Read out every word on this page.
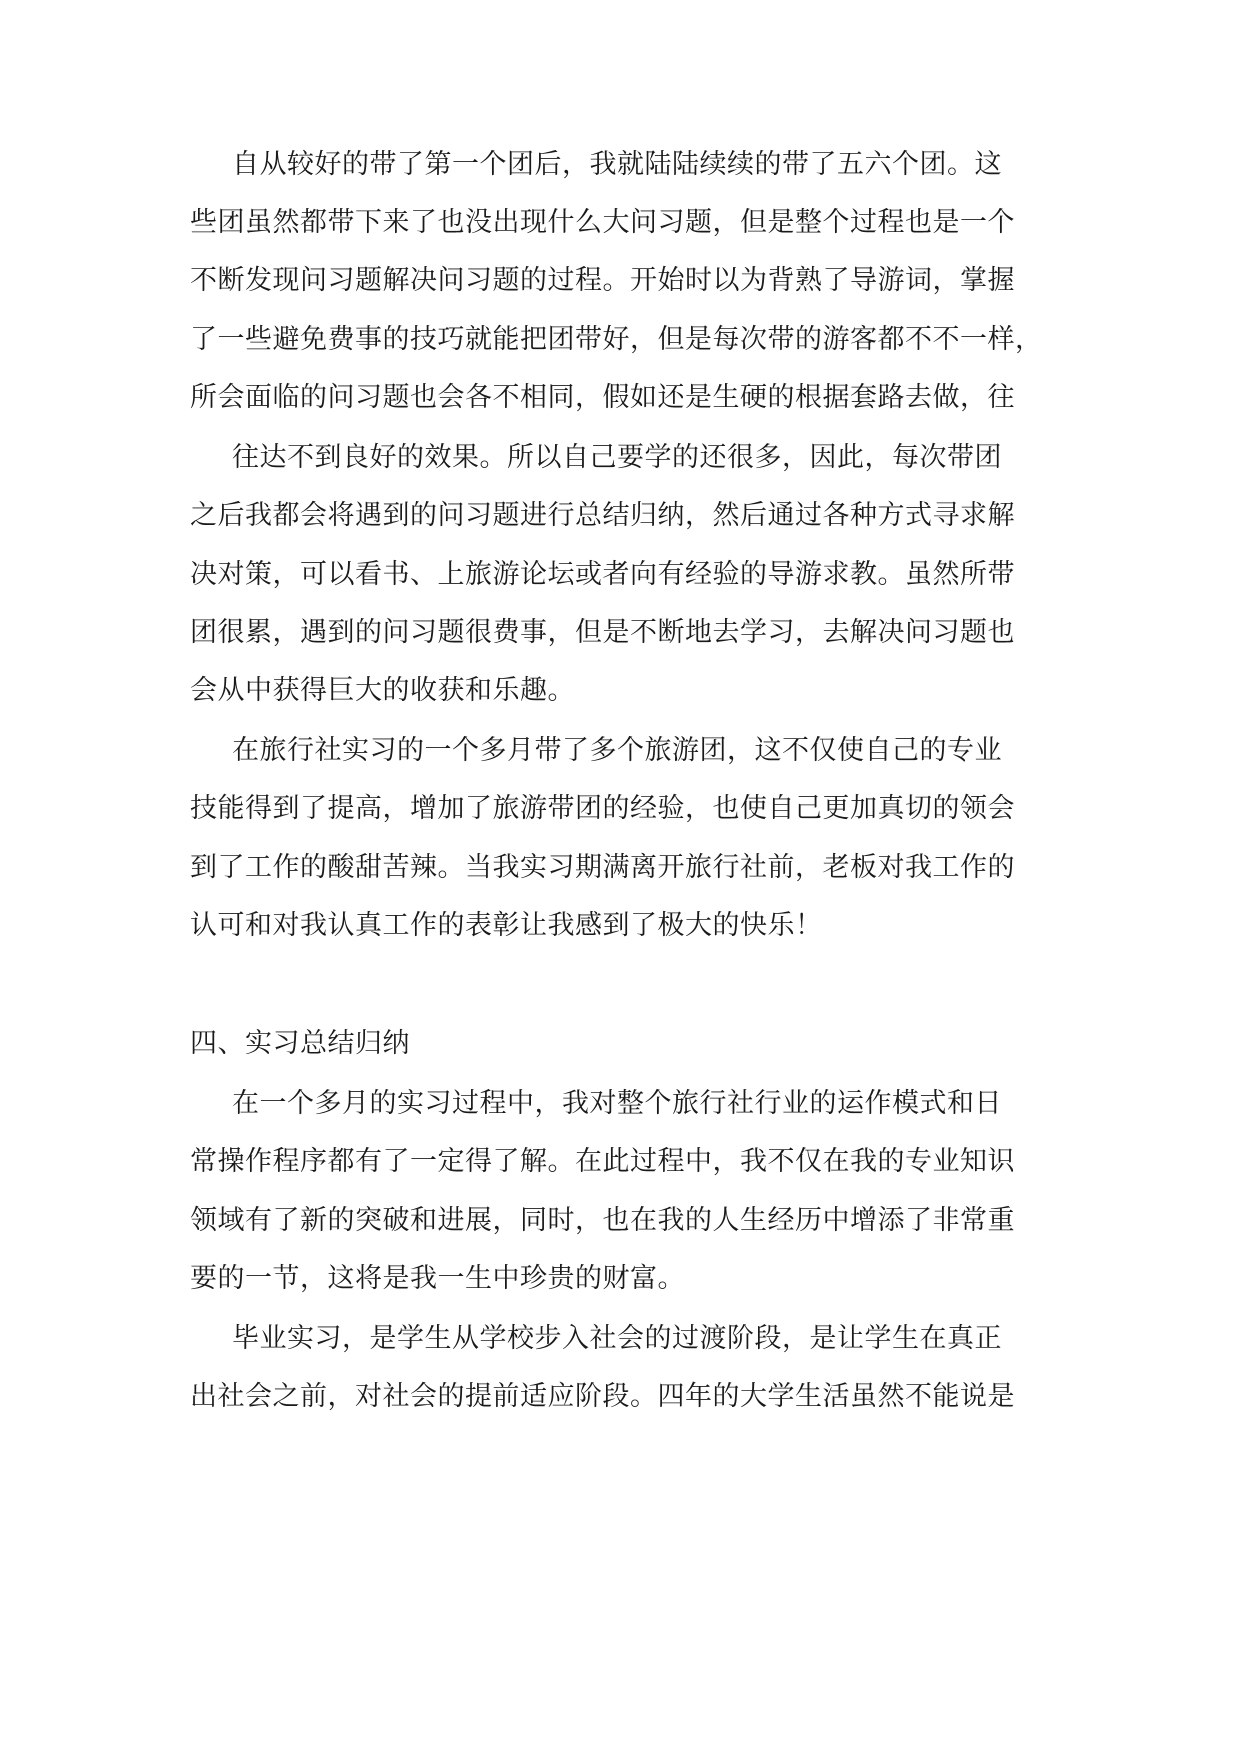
自从较好的带了第一个团后，我就陆陆续续的带了五六个团。这
些团虽然都带下来了也没出现什么大问习题，但是整个过程也是一个
不断发现问习题解决问习题的过程。开始时以为背熟了导游词，掌握
了一些避免费事的技巧就能把团带好，但是每次带的游客都不不一样，
所会面临的问习题也会各不相同，假如还是生硬的根据套路去做，往
往达不到良好的效果。所以自己要学的还很多，因此，每次带团
之后我都会将遇到的问习题进行总结归纳，然后通过各种方式寻求解
决对策，可以看书、上旅游论坛或者向有经验的导游求教。虽然所带
团很累，遇到的问习题很费事，但是不断地去学习，去解决问习题也
会从中获得巨大的收获和乐趣。
在旅行社实习的一个多月带了多个旅游团，这不仅使自己的专业
技能得到了提高，增加了旅游带团的经验，也使自己更加真切的领会
到了工作的酸甜苦辣。当我实习期满离开旅行社前，老板对我工作的
认可和对我认真工作的表彰让我感到了极大的快乐！
四、实习总结归纳
在一个多月的实习过程中，我对整个旅行社行业的运作模式和日
常操作程序都有了一定得了解。在此过程中，我不仅在我的专业知识
领域有了新的突破和进展，同时，也在我的人生经历中增添了非常重
要的一节，这将是我一生中珍贵的财富。
毕业实习，是学生从学校步入社会的过渡阶段，是让学生在真正
出社会之前，对社会的提前适应阶段。四年的大学生活虽然不能说是
